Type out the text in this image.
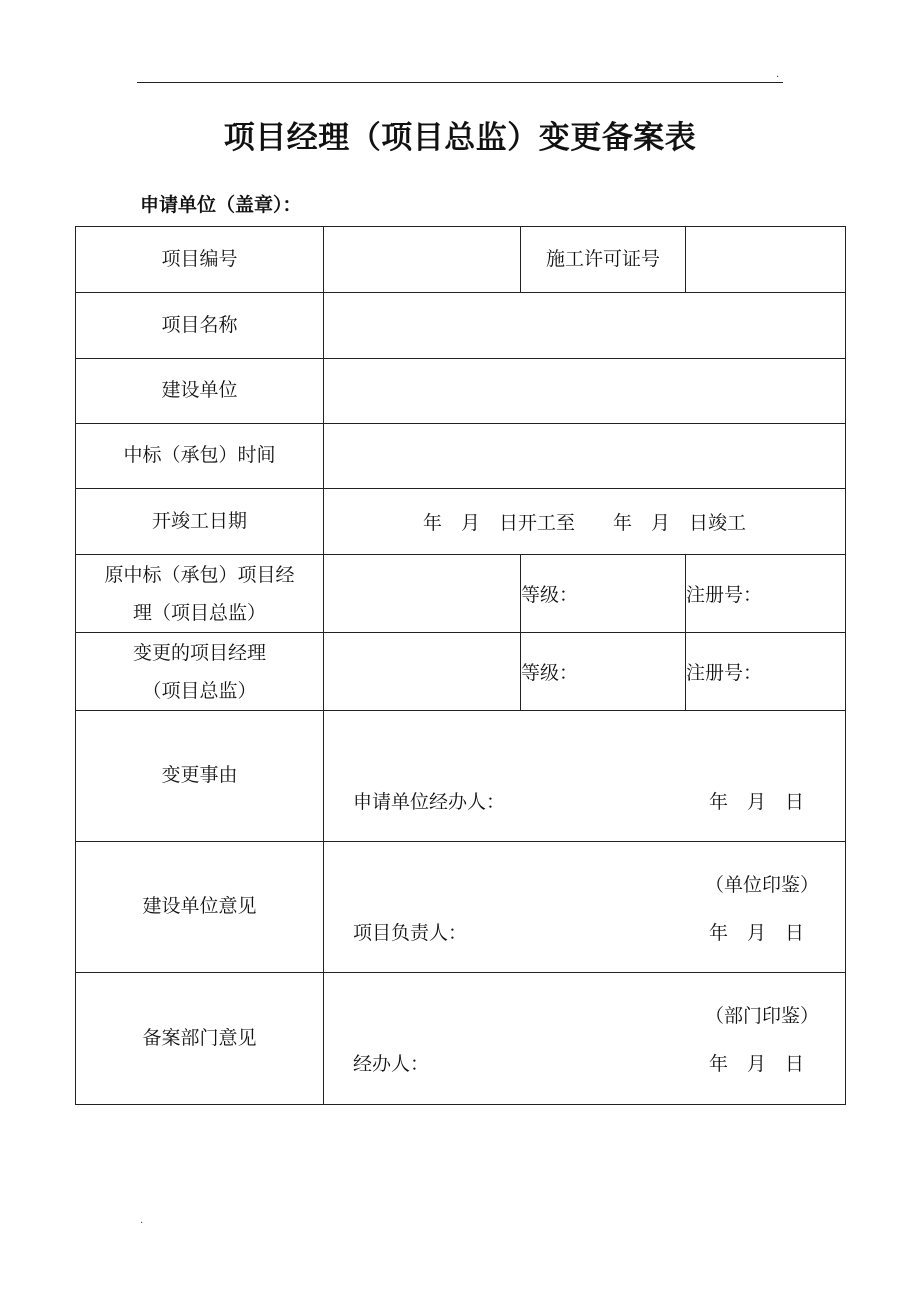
.
项目经理（项目总监）变更备案表
申请单位（盖章）：
项目编号		施工许可证号	
项目名称			
建设单位			
中标（承包）时间			
开竣工日期	年　月　日开工至　　年　月　日竣工		

原中标（承包）项目经
理（项目总监）		等级：	注册号：

变更的项目经理
（项目总监）		等级：	注册号：
变更事由	申请单位经办人： 年　月　日		

建设单位意见	（单位印鉴）
项目负责人： 年　月　日		

备案部门意见	（部门印鉴）
经办人： 年　月　日		
.
